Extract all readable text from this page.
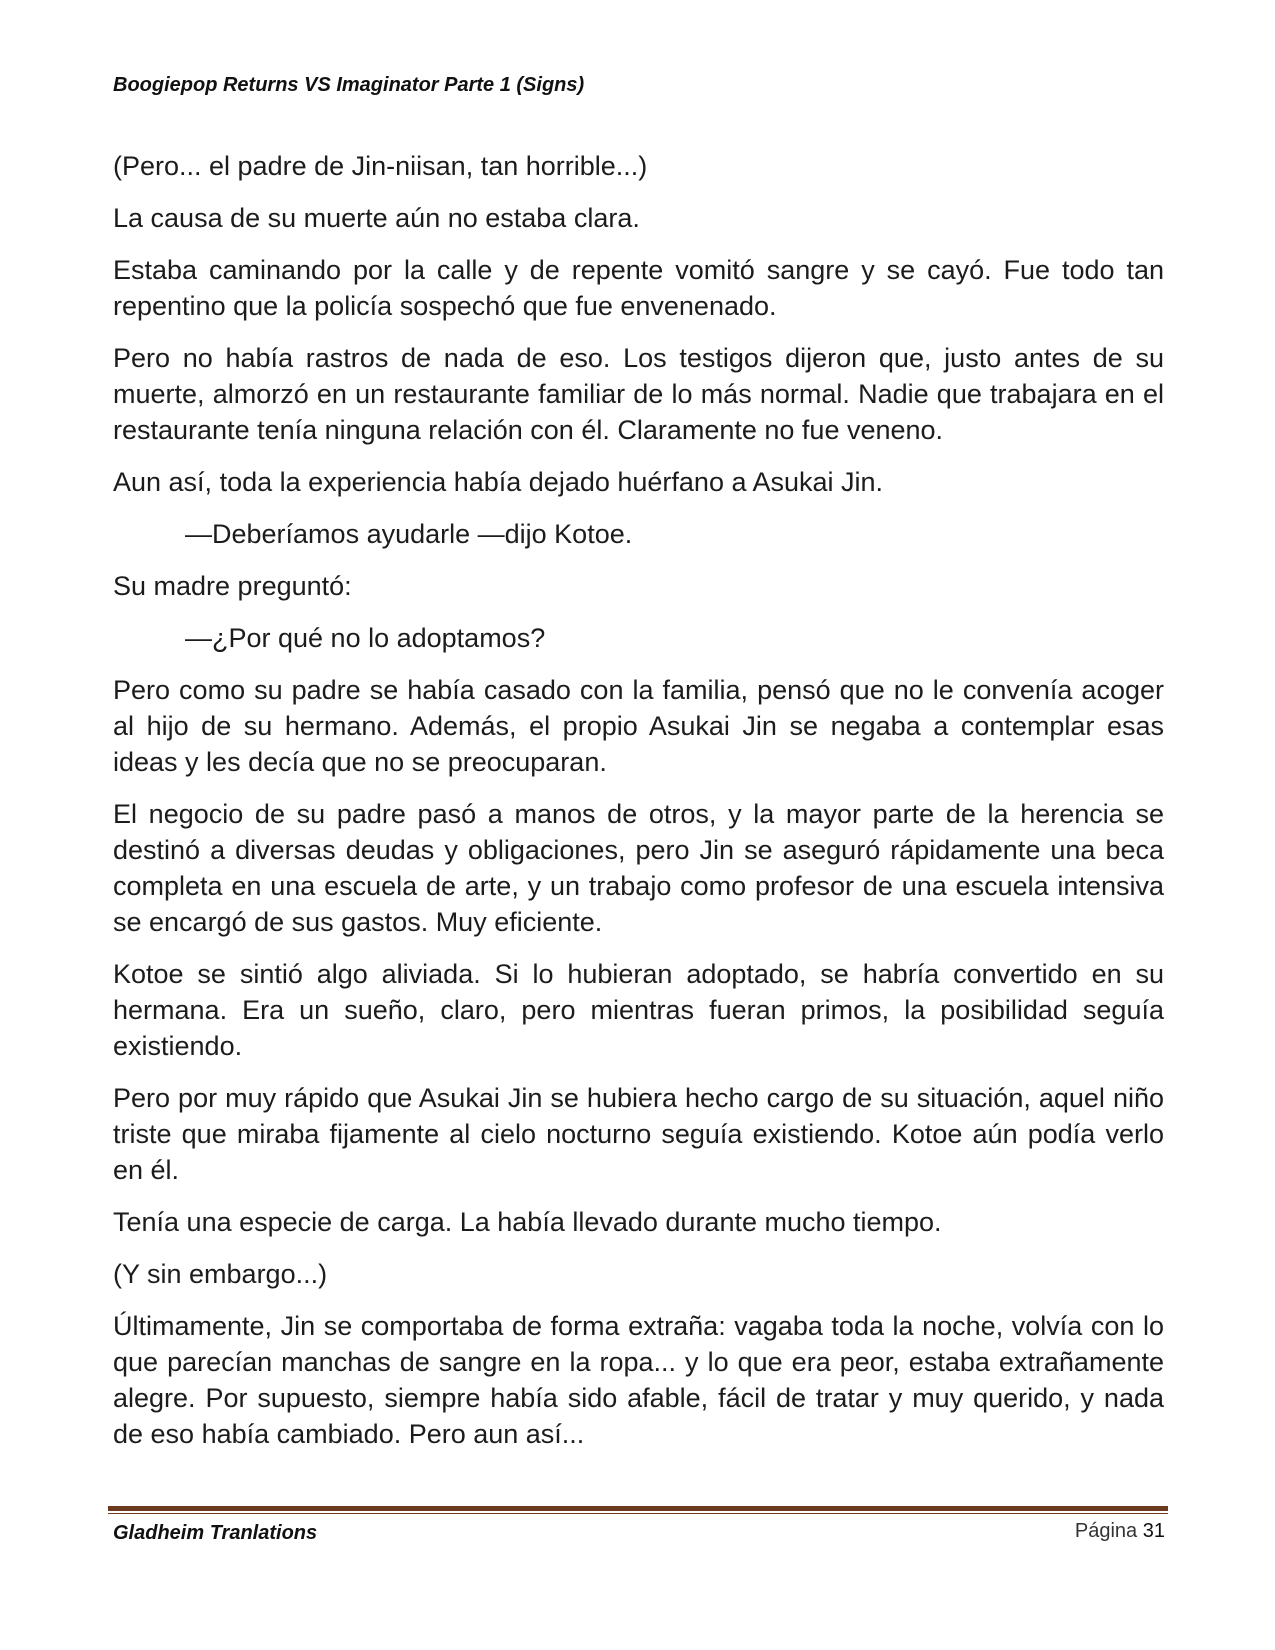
Boogiepop Returns VS Imaginator Parte 1 (Signs)

(Pero... el padre de Jin-niisan, tan horrible...)

La causa de su muerte aún no estaba clara.

Estaba caminando por la calle y de repente vomitó sangre y se cayó. Fue todo tan repentino que la policía sospechó que fue envenenado.

Pero no había rastros de nada de eso. Los testigos dijeron que, justo antes de su muerte, almorzó en un restaurante familiar de lo más normal. Nadie que trabajara en el restaurante tenía ninguna relación con él. Claramente no fue veneno.

Aun así, toda la experiencia había dejado huérfano a Asukai Jin.

—Deberíamos ayudarle —dijo Kotoe.

Su madre preguntó:

—¿Por qué no lo adoptamos?

Pero como su padre se había casado con la familia, pensó que no le convenía acoger al hijo de su hermano. Además, el propio Asukai Jin se negaba a contemplar esas ideas y les decía que no se preocuparan.

El negocio de su padre pasó a manos de otros, y la mayor parte de la herencia se destinó a diversas deudas y obligaciones, pero Jin se aseguró rápidamente una beca completa en una escuela de arte, y un trabajo como profesor de una escuela intensiva se encargó de sus gastos. Muy eficiente.

Kotoe se sintió algo aliviada. Si lo hubieran adoptado, se habría convertido en su hermana. Era un sueño, claro, pero mientras fueran primos, la posibilidad seguía existiendo.

Pero por muy rápido que Asukai Jin se hubiera hecho cargo de su situación, aquel niño triste que miraba fijamente al cielo nocturno seguía existiendo. Kotoe aún podía verlo en él.

Tenía una especie de carga. La había llevado durante mucho tiempo.

(Y sin embargo...)

Últimamente, Jin se comportaba de forma extraña: vagaba toda la noche, volvía con lo que parecían manchas de sangre en la ropa... y lo que era peor, estaba extrañamente alegre. Por supuesto, siempre había sido afable, fácil de tratar y muy querido, y nada de eso había cambiado. Pero aun así...

Gladheim Tranlations	Página 31
